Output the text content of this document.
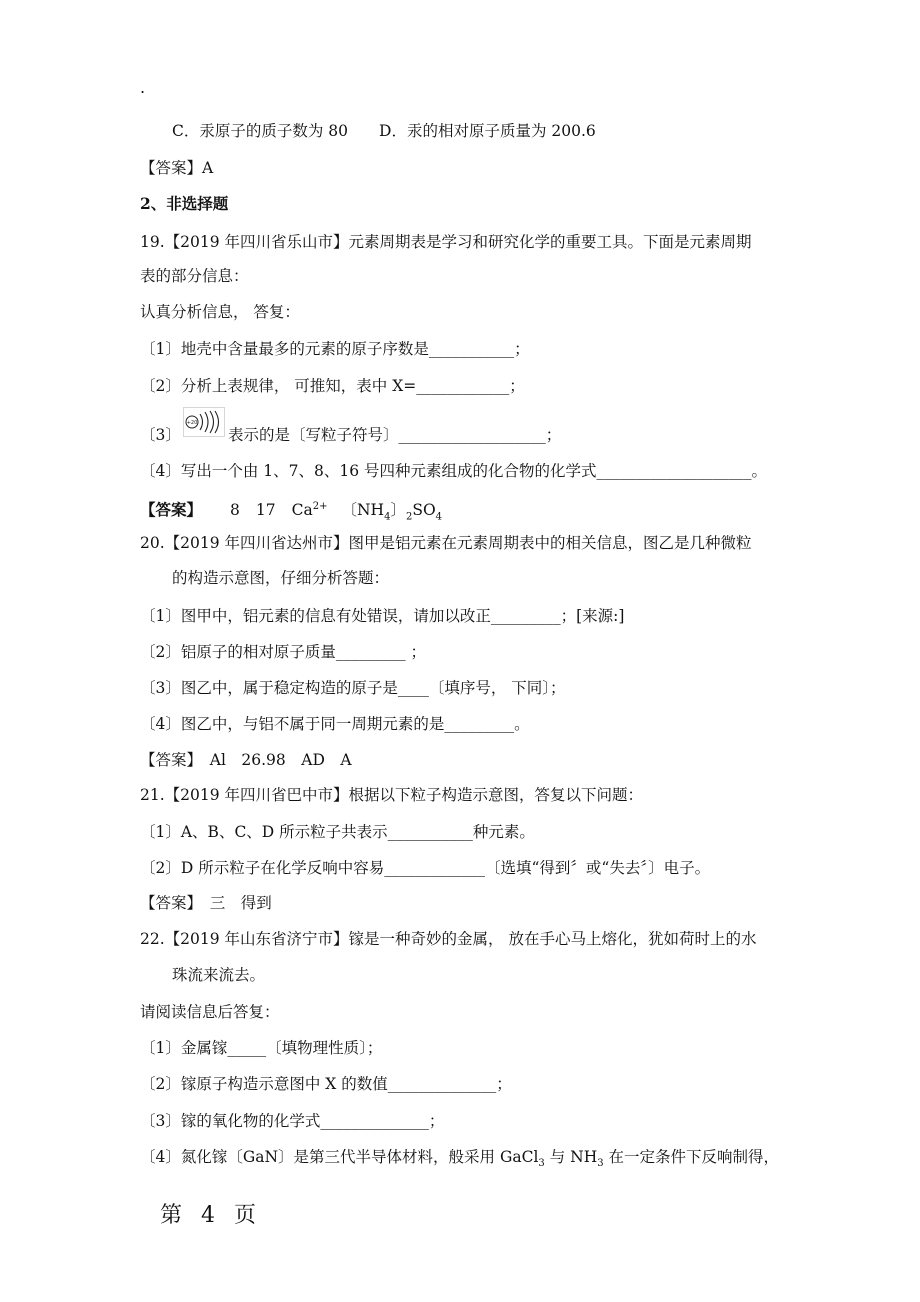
.
C．汞原子的质子数为 80　　D．汞的相对原子质量为 200.6
【答案】A
2、非选择题
19.【2019 年四川省乐山市】元素周期表是学习和研究化学的重要工具。下面是元素周期
表的部分信息：
认真分析信息， 答复：
〔1〕地壳中含量最多的元素的原子序数是___________；
〔2〕分析上表规律， 可推知，表中 X=____________；
〔3〕
+20
表示的是〔写粒子符号〕___________________；
〔4〕写出一个由 1、7、8、16 号四种元素组成的化合物的化学式____________________。
【答案】 8 17 $Ca^{2+}$ 〔$NH_4$〕$_2SO_4$
20.【2019 年四川省达州市】图甲是铝元素在元素周期表中的相关信息，图乙是几种微粒
的构造示意图，仔细分析答题：
〔1〕图甲中，铝元素的信息有处错误，请加以改正_________；[来源:]
〔2〕铝原子的相对原子质量_________ ；
〔3〕图乙中，属于稳定构造的原子是____〔填序号， 下同〕；
〔4〕图乙中，与铝不属于同一周期元素的是_________。
【答案】　Al　26.98　AD　A
21.【2019 年四川省巴中市】根据以下粒子构造示意图，答复以下问题：
〔1〕A、B、C、D 所示粒子共表示___________种元素。
〔2〕D 所示粒子在化学反响中容易_____________〔选填“得到〞或“失去〞〕电子。
【答案】　三　得到
22.【2019 年山东省济宁市】镓是一种奇妙的金属， 放在手心马上熔化，犹如荷时上的水
珠流来流去。
请阅读信息后答复：
〔1〕金属镓_____〔填物理性质〕；
〔2〕镓原子构造示意图中 X 的数值______________；
〔3〕镓的氧化物的化学式______________；
〔4〕氮化镓〔GaN〕是第三代半导体材料，般采用 GaCl$_3$ 与 $NH_3$ 在一定条件下反响制得，
第 4 页
